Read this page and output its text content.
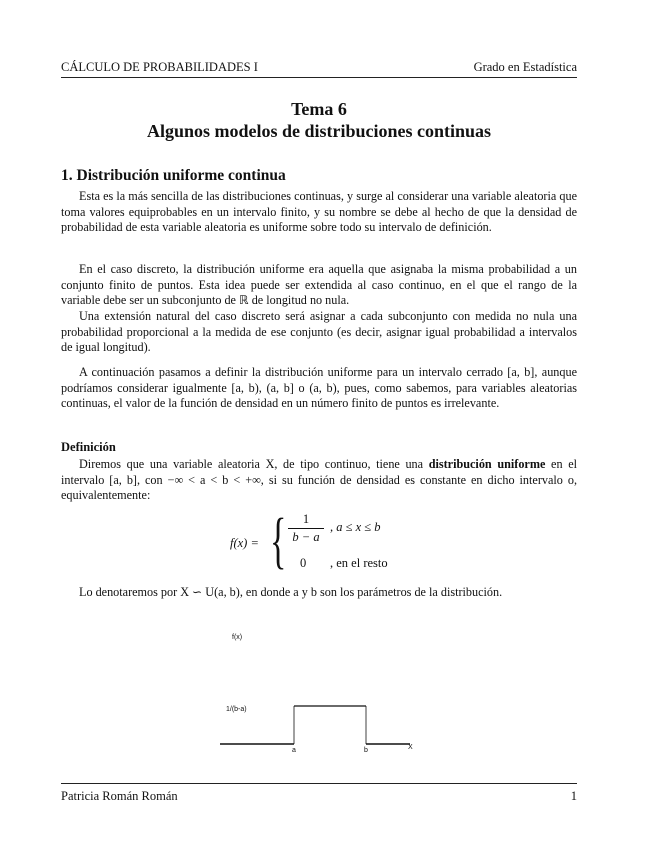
CÁLCULO DE PROBABILIDADES I	Grado en Estadística
Tema 6
Algunos modelos de distribuciones continuas
1. Distribución uniforme continua
Esta es la más sencilla de las distribuciones continuas, y surge al considerar una variable aleatoria que toma valores equiprobables en un intervalo finito, y su nombre se debe al hecho de que la densidad de probabilidad de esta variable aleatoria es uniforme sobre todo su intervalo de definición.
En el caso discreto, la distribución uniforme era aquella que asignaba la misma probabilidad a un conjunto finito de puntos. Esta idea puede ser extendida al caso continuo, en el que el rango de la variable debe ser un subconjunto de ℝ de longitud no nula.
Una extensión natural del caso discreto será asignar a cada subconjunto con medida no nula una probabilidad proporcional a la medida de ese conjunto (es decir, asignar igual probabilidad a intervalos de igual longitud).
A continuación pasamos a definir la distribución uniforme para un intervalo cerrado [a, b], aunque podríamos considerar igualmente [a, b), (a, b] o (a, b), pues, como sabemos, para variables aleatorias continuas, el valor de la función de densidad en un número finito de puntos es irrelevante.
Definición
Diremos que una variable aleatoria X, de tipo continuo, tiene una distribución uniforme en el intervalo [a, b], con −∞ < a < b < +∞, si su función de densidad es constante en dicho intervalo o, equivalentemente:
f(x) = {	1
b − a
, a ≤ x ≤ b
0 , en el resto
Lo denotaremos por X ∽ U(a, b), en donde a y b son los parámetros de la distribución.
f(x)
1/(b-a)
a	b	X
Patricia Román Román	1
